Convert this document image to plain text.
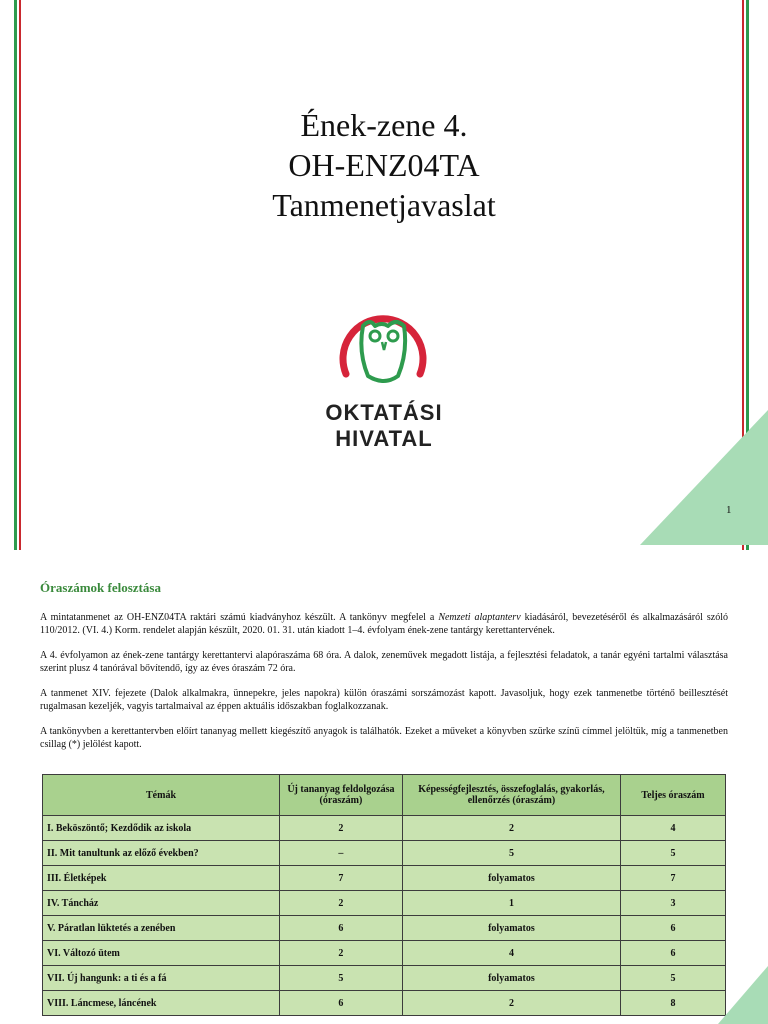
Ének-zene 4.
OH-ENZ04TA
Tanmenetjavaslat
OKTATÁSI
HIVATAL
1
Óraszámok felosztása
A mintatanmenet az OH-ENZ04TA raktári számú kiadványhoz készült. A tankönyv megfelel a Nemzeti alaptanterv kiadásáról, bevezetéséről és alkalmazásáról szóló 110/2012. (VI. 4.) Korm. rendelet alapján készült, 2020. 01. 31. után kiadott 1–4. évfolyam ének-zene tantárgy kerettantervének.
A 4. évfolyamon az ének-zene tantárgy kerettantervi alapóraszáma 68 óra. A dalok, zeneművek megadott listája, a fejlesztési feladatok, a tanár egyéni tartalmi választása szerint plusz 4 tanórával bővítendő, így az éves óraszám 72 óra.
A tanmenet XIV. fejezete (Dalok alkalmakra, ünnepekre, jeles napokra) külön óraszámi sorszámozást kapott. Javasoljuk, hogy ezek tanmenetbe történő beillesztését rugalmasan kezeljék, vagyis tartalmaival az éppen aktuális időszakban foglalkozzanak.
A tankönyvben a kerettantervben előírt tananyag mellett kiegészítő anyagok is találhatók. Ezeket a műveket a könyvben szürke színű címmel jelöltük, míg a tanmenetben csillag (*) jelölést kapott.
Témák	Új tananyag feldolgozása (óraszám)	Képességfejlesztés, összefoglalás, gyakorlás, ellenőrzés (óraszám)	Teljes óraszám
I. Beköszöntő; Kezdődik az iskola	2	2	4
II. Mit tanultunk az előző években?	–	5	5
III. Életképek	7	folyamatos	7
IV. Táncház	2	1	3
V. Páratlan lüktetés a zenében	6	folyamatos	6
VI. Változó ütem	2	4	6
VII. Új hangunk: a ti és a fá	5	folyamatos	5
VIII. Láncmese, láncének	6	2	8
